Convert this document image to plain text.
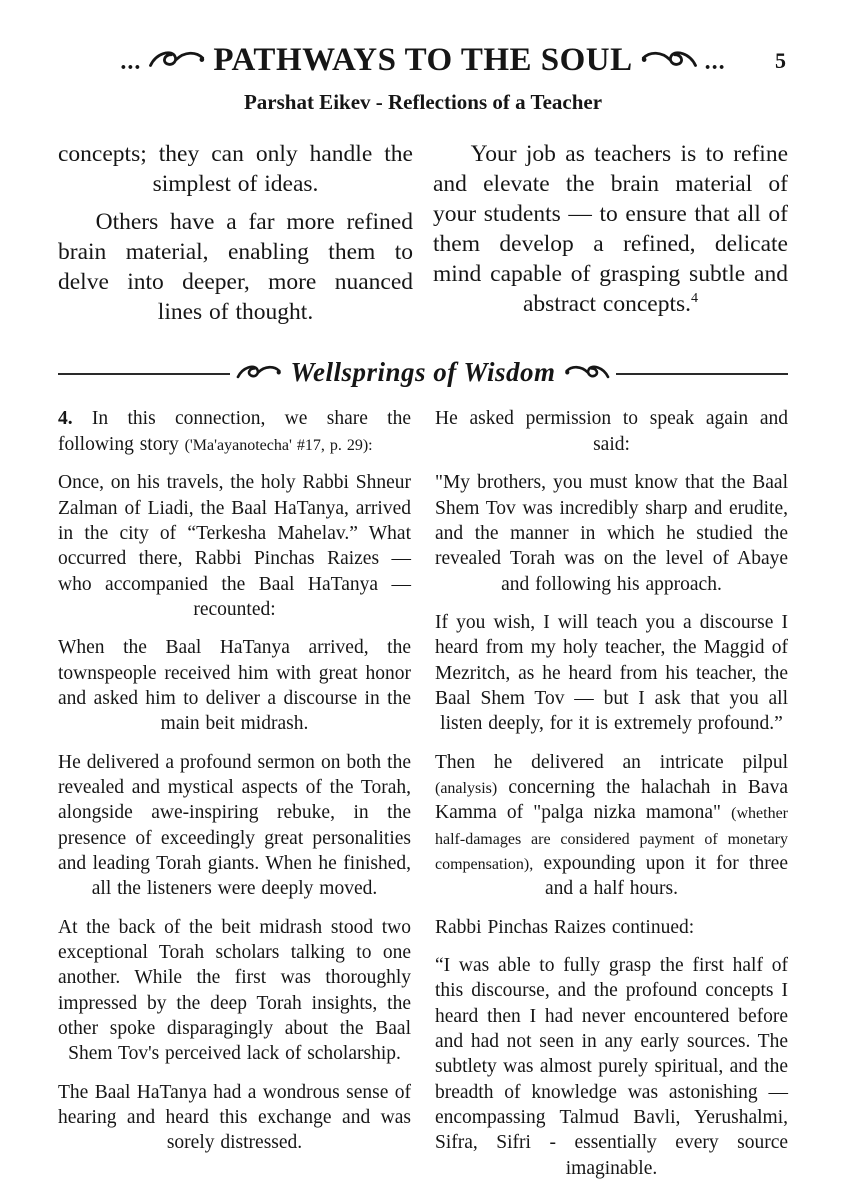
... PATHWAYS TO THE SOUL	... 5
Parshat Eikev - Reflections of a Teacher

concepts; they can only handle the simplest of ideas.

Others have a far more refined brain material, enabling them to delve into deeper, more nuanced lines of thought.

Your job as teachers is to refine and elevate the brain material of your students — to ensure that all of them develop a refined, delicate mind capable of grasping subtle and abstract concepts.$^4$

Wellsprings of Wisdom

4. In this connection, we share the following story ('Ma'ayanotecha' #17, p. 29):

Once, on his travels, the holy Rabbi Shneur Zalman of Liadi, the Baal HaTanya, arrived in the city of “Terkesha Mahelav.” What occurred there, Rabbi Pinchas Raizes — who accompanied the Baal HaTanya — recounted:

When the Baal HaTanya arrived, the townspeople received him with great honor and asked him to deliver a discourse in the main beit midrash.

He delivered a profound sermon on both the revealed and mystical aspects of the Torah, alongside awe-inspiring rebuke, in the presence of exceedingly great personalities and leading Torah giants. When he finished, all the listeners were deeply moved.

At the back of the beit midrash stood two exceptional Torah scholars talking to one another. While the first was thoroughly impressed by the deep Torah insights, the other spoke disparagingly about the Baal Shem Tov's perceived lack of scholarship.

The Baal HaTanya had a wondrous sense of hearing and heard this exchange and was sorely distressed.

He asked permission to speak again and said:

"My brothers, you must know that the Baal Shem Tov was incredibly sharp and erudite, and the manner in which he studied the revealed Torah was on the level of Abaye and following his approach.

If you wish, I will teach you a discourse I heard from my holy teacher, the Maggid of Mezritch, as he heard from his teacher, the Baal Shem Tov — but I ask that you all listen deeply, for it is extremely profound.”

Then he delivered an intricate pilpul (analysis) concerning the halachah in Bava Kamma of "palga nizka mamona" (whether half-damages are considered payment of monetary compensation), expounding upon it for three and a half hours.

Rabbi Pinchas Raizes continued:

“I was able to fully grasp the first half of this discourse, and the profound concepts I heard then I had never encountered before and had not seen in any early sources. The subtlety was almost purely spiritual, and the breadth of knowledge was astonishing — encompassing Talmud Bavli, Yerushalmi, Sifra, Sifri - essentially every source imaginable.
